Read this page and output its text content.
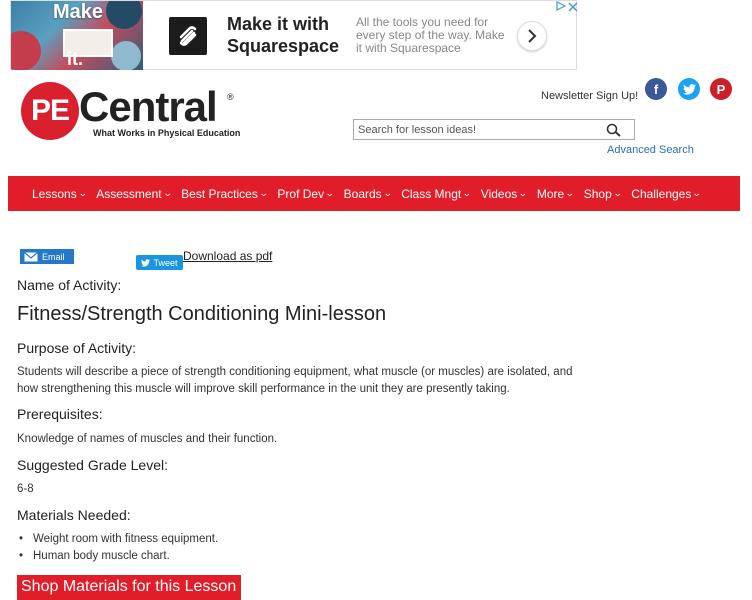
Make
it.
Make it with Squarespace
All the tools you need for every step of the way. Make it with Squarespace
PE Central ®
What Works in Physical Education
Newsletter Sign Up!	f	P
Search for lesson ideas!
Advanced Search
Lessons ⌄ Assessment ⌄ Best Practices ⌄ Prof Dev ⌄ Boards ⌄ Class Mngt ⌄ Videos ⌄ More ⌄ Shop ⌄ Challenges ⌄
Email
Tweet Download as pdf
Name of Activity:
Fitness/Strength Conditioning Mini-lesson
Purpose of Activity:
Students will describe a piece of strength conditioning equipment, what muscle (or muscles) are isolated, and how strengthening this muscle will improve skill performance in the unit they are presently taking.
Prerequisites:
Knowledge of names of muscles and their function.
Suggested Grade Level:
6-8
Materials Needed:
• Weight room with fitness equipment.
• Human body muscle chart.
Shop Materials for this Lesson
